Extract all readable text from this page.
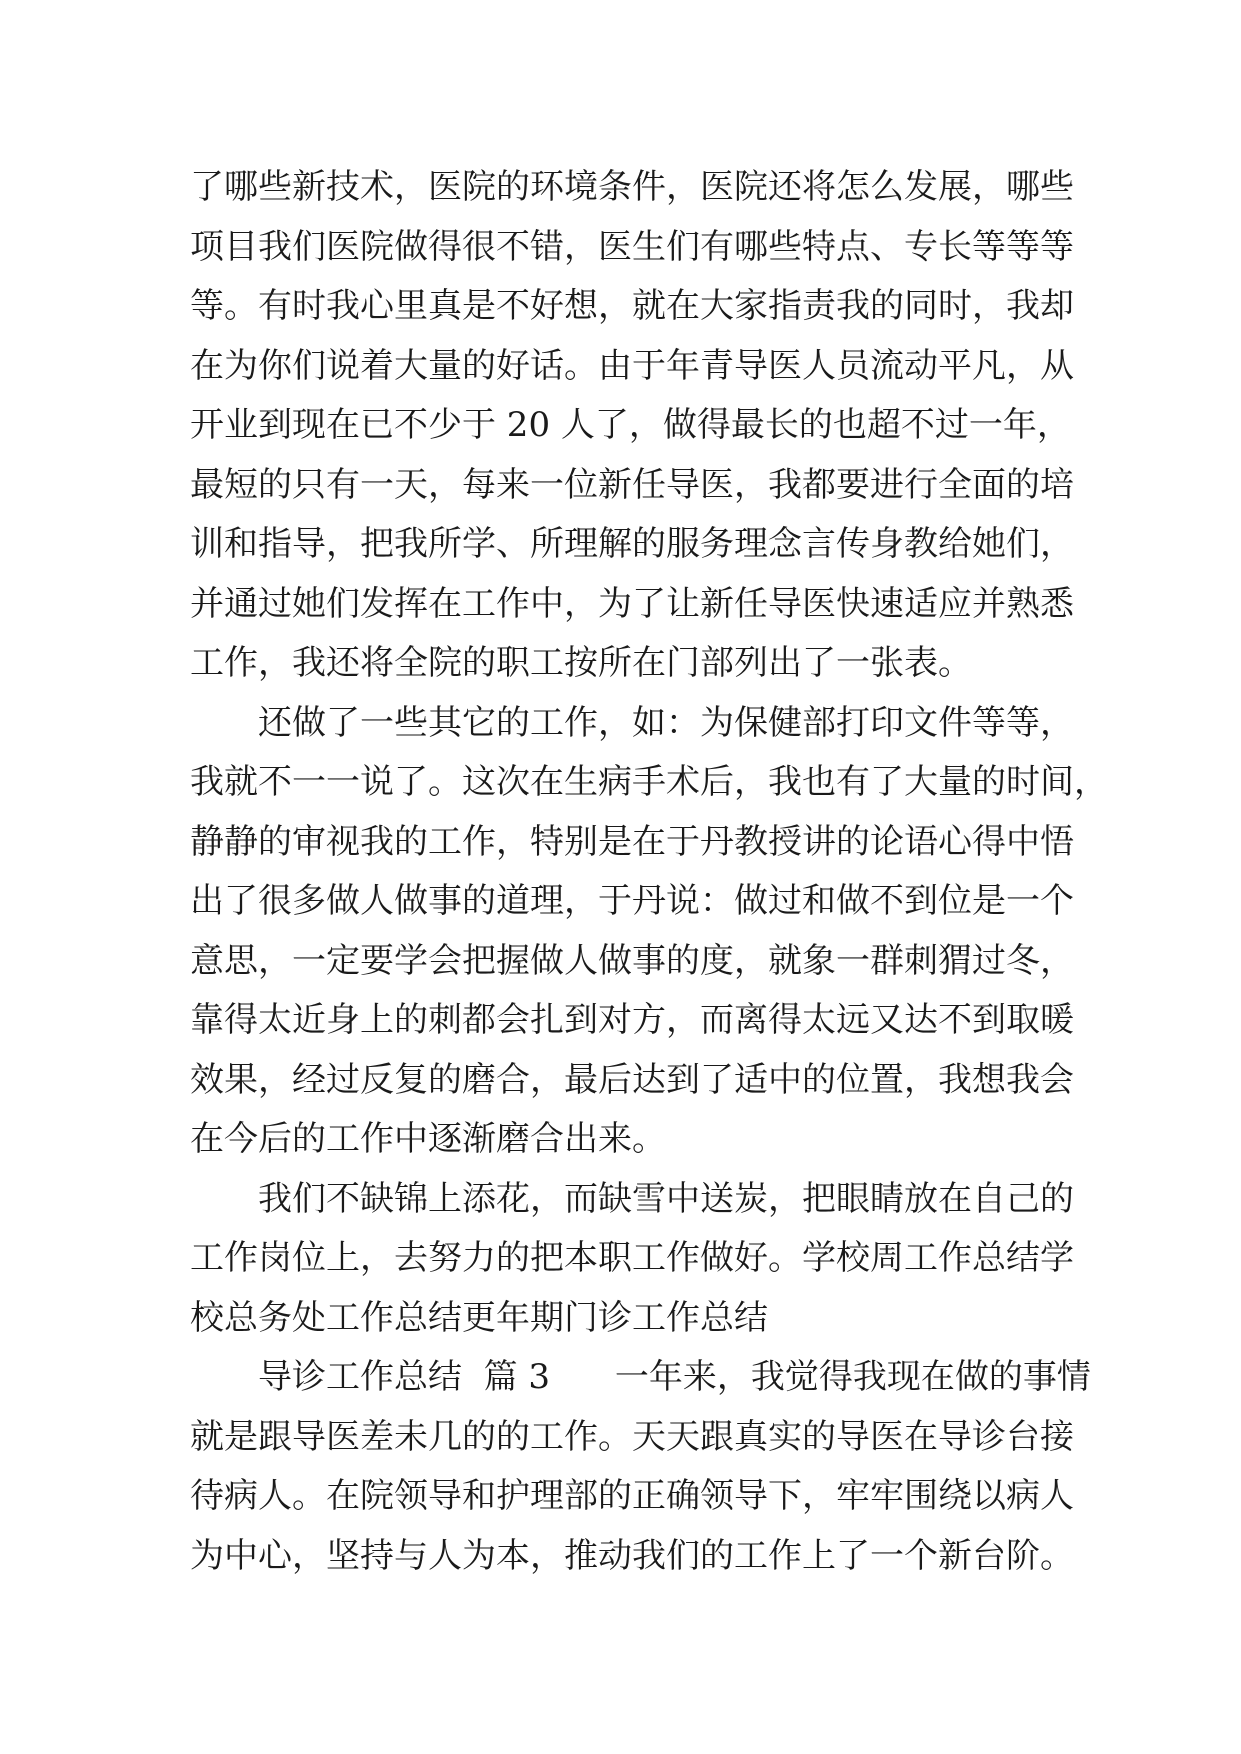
了哪些新技术，医院的环境条件，医院还将怎么发展，哪些
项目我们医院做得很不错，医生们有哪些特点、专长等等等
等。有时我心里真是不好想，就在大家指责我的同时，我却
在为你们说着大量的好话。由于年青导医人员流动平凡，从
开业到现在已不少于 20 人了，做得最长的也超不过一年，
最短的只有一天，每来一位新任导医，我都要进行全面的培
训和指导，把我所学、所理解的服务理念言传身教给她们，
并通过她们发挥在工作中，为了让新任导医快速适应并熟悉
工作，我还将全院的职工按所在门部列出了一张表。
还做了一些其它的工作，如：为保健部打印文件等等，
我就不一一说了。这次在生病手术后，我也有了大量的时间，
静静的审视我的工作，特别是在于丹教授讲的论语心得中悟
出了很多做人做事的道理，于丹说：做过和做不到位是一个
意思，一定要学会把握做人做事的度，就象一群刺猬过冬，
靠得太近身上的刺都会扎到对方，而离得太远又达不到取暖
效果，经过反复的磨合，最后达到了适中的位置，我想我会
在今后的工作中逐渐磨合出来。
我们不缺锦上添花，而缺雪中送炭，把眼睛放在自己的
工作岗位上，去努力的把本职工作做好。学校周工作总结学
校总务处工作总结更年期门诊工作总结
导诊工作总结  篇 3      一年来，我觉得我现在做的事情
就是跟导医差未几的的工作。天天跟真实的导医在导诊台接
待病人。在院领导和护理部的正确领导下，牢牢围绕以病人
为中心，坚持与人为本，推动我们的工作上了一个新台阶。
